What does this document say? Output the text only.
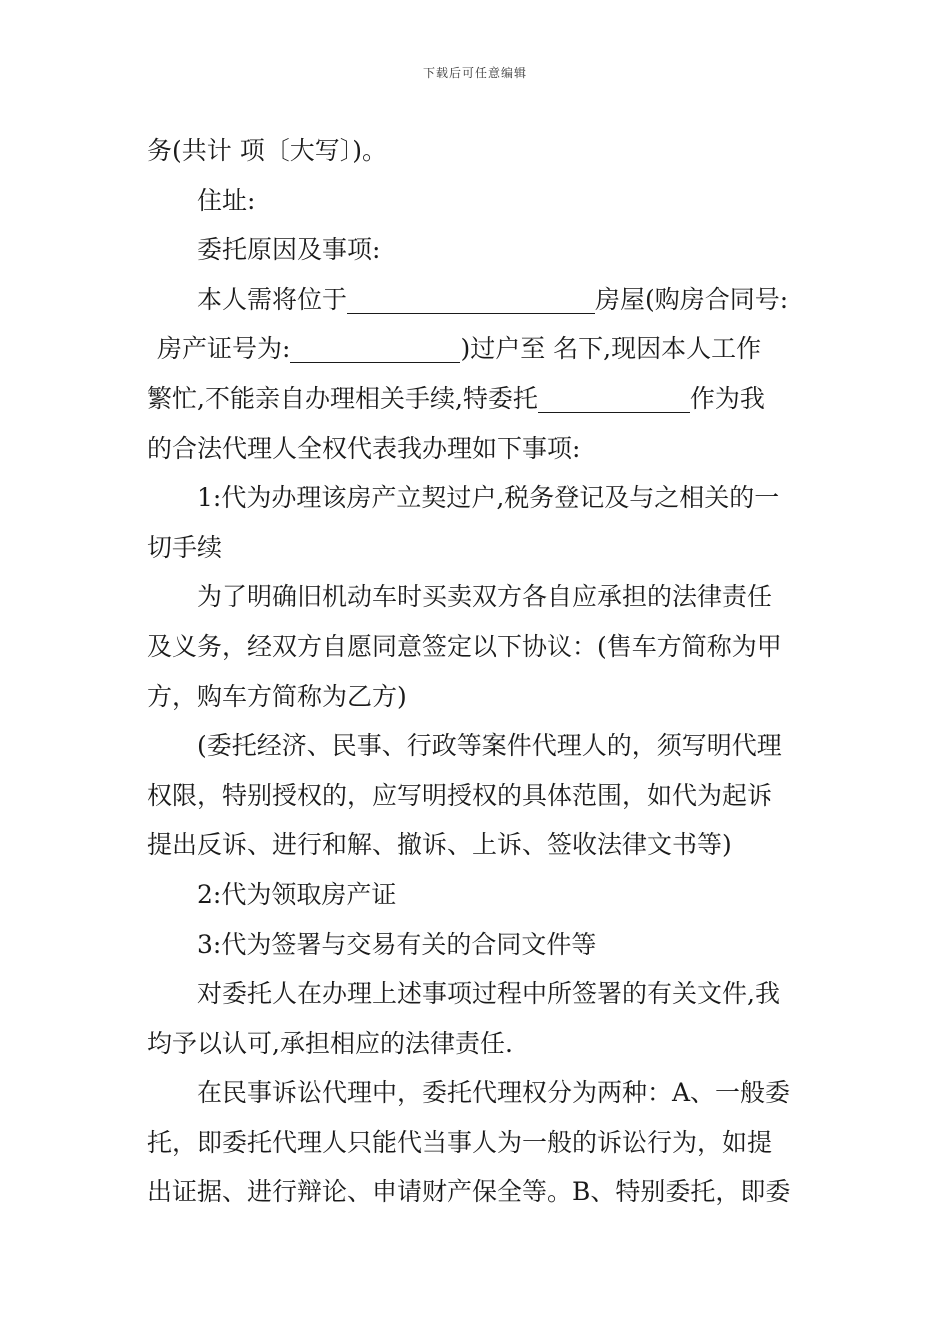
下载后可任意编辑
务(共计 项〔大写〕)。
住址:
委托原因及事项:
本人需将位于	房屋(购房合同号:
房产证号为:	)过户至 名下,现因本人工作
繁忙,不能亲自办理相关手续,特委托	作为我
的合法代理人全权代表我办理如下事项:
1:代为办理该房产立契过户,税务登记及与之相关的一
切手续
为了明确旧机动车时买卖双方各自应承担的法律责任
及义务，经双方自愿同意签定以下协议：(售车方简称为甲
方，购车方简称为乙方)
(委托经济、民事、行政等案件代理人的，须写明代理
权限，特别授权的，应写明授权的具体范围，如代为起诉
提出反诉、进行和解、撤诉、上诉、签收法律文书等)
2:代为领取房产证
3:代为签署与交易有关的合同文件等
对委托人在办理上述事项过程中所签署的有关文件,我
均予以认可,承担相应的法律责任.
在民事诉讼代理中，委托代理权分为两种：A、一般委
托，即委托代理人只能代当事人为一般的诉讼行为，如提
出证据、进行辩论、申请财产保全等。B、特别委托，即委
